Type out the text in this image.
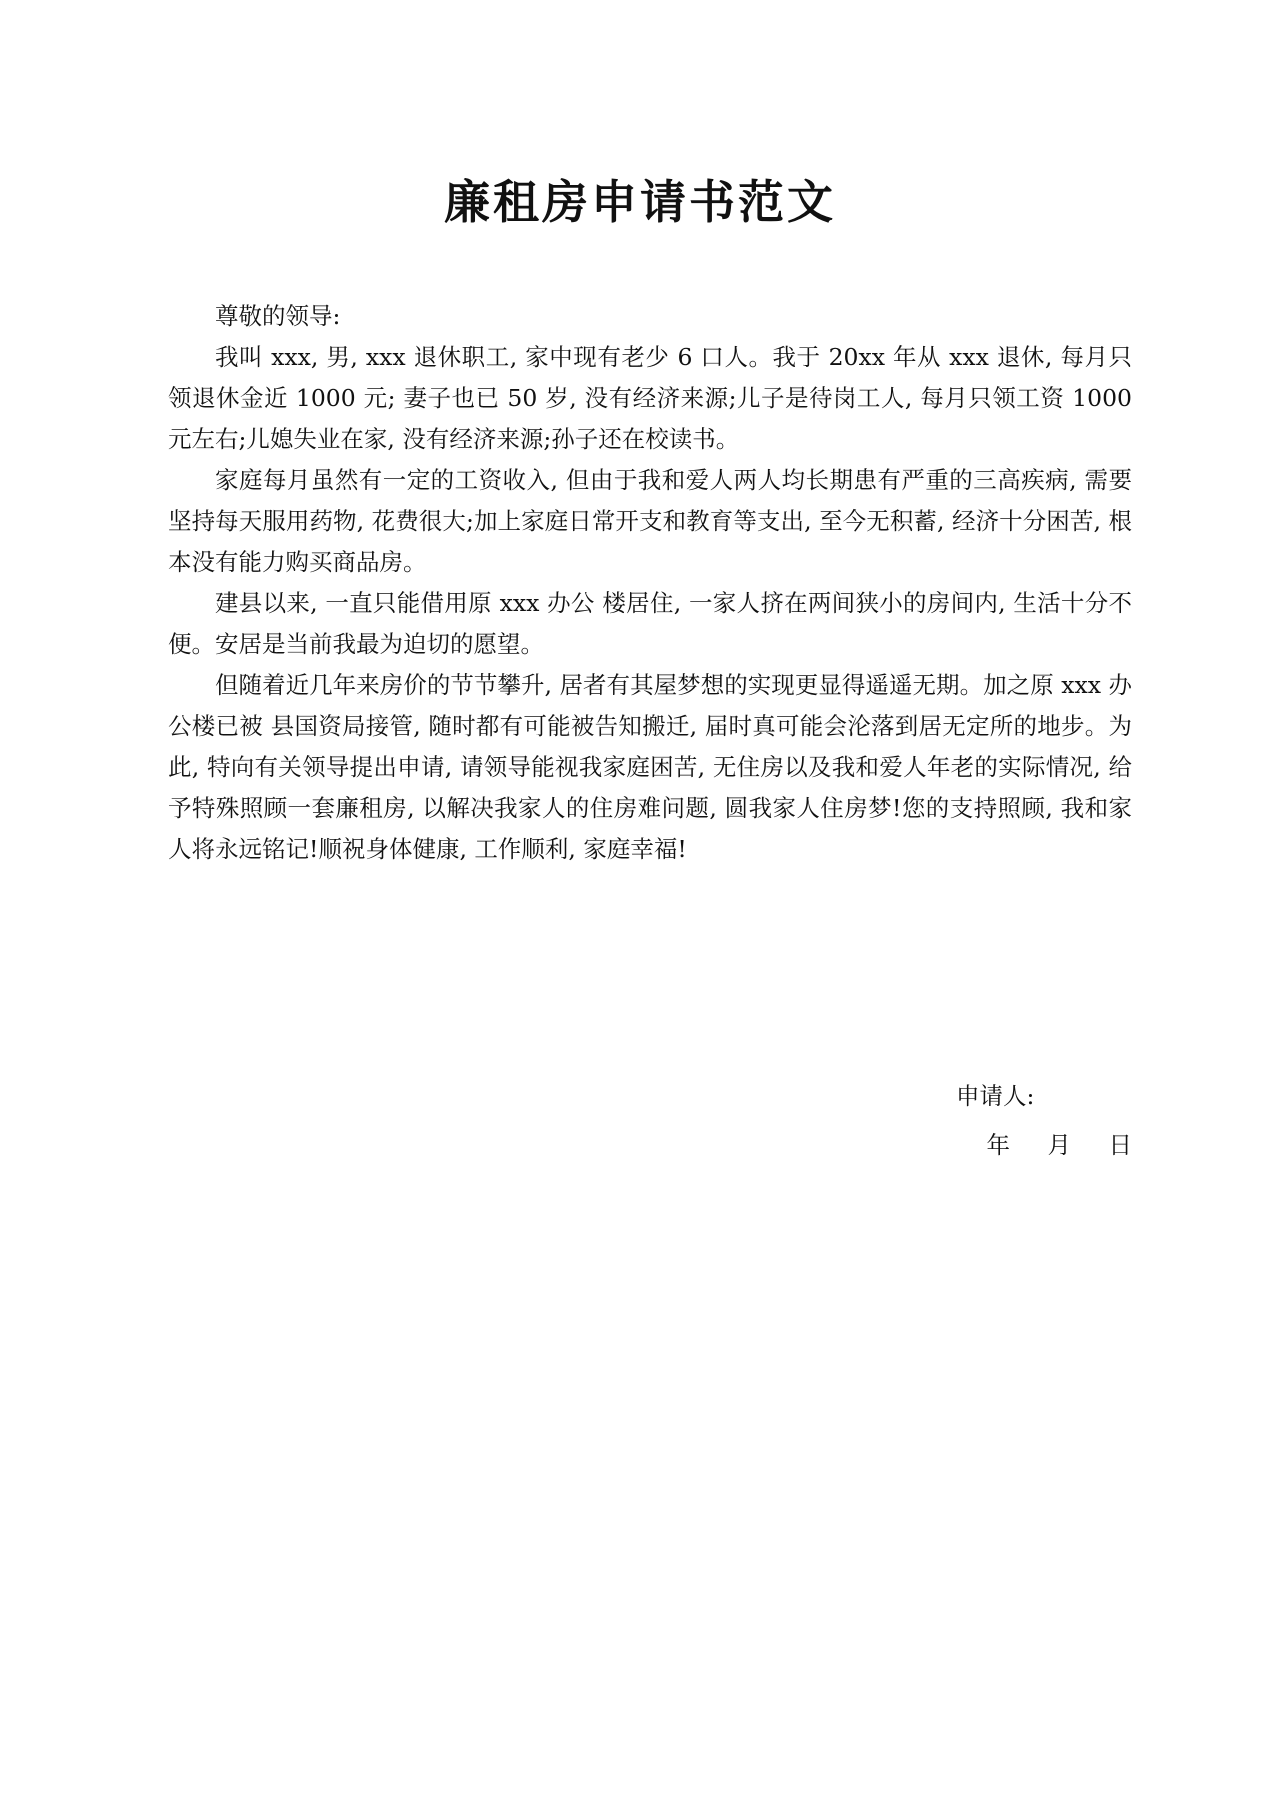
廉租房申请书范文

尊敬的领导:

我叫 xxx, 男, xxx 退休职工, 家中现有老少 6 口人。我于 20xx 年从 xxx 退休, 每月只领退休金近 1000 元; 妻子也已 50 岁, 没有经济来源;儿子是待岗工人, 每月只领工资 1000 元左右;儿媳失业在家, 没有经济来源;孙子还在校读书。

家庭每月虽然有一定的工资收入, 但由于我和爱人两人均长期患有严重的三高疾病, 需要坚持每天服用药物, 花费很大;加上家庭日常开支和教育等支出, 至今无积蓄, 经济十分困苦, 根本没有能力购买商品房。

建县以来, 一直只能借用原 xxx 办公 楼居住, 一家人挤在两间狭小的房间内, 生活十分不便。安居是当前我最为迫切的愿望。

但随着近几年来房价的节节攀升, 居者有其屋梦想的实现更显得遥遥无期。加之原 xxx 办公楼已被 县国资局接管, 随时都有可能被告知搬迁, 届时真可能会沦落到居无定所的地步。为此, 特向有关领导提出申请, 请领导能视我家庭困苦, 无住房以及我和爱人年老的实际情况, 给予特殊照顾一套廉租房, 以解决我家人的住房难问题, 圆我家人住房梦!您的支持照顾, 我和家人将永远铭记!顺祝身体健康, 工作顺利, 家庭幸福!

申请人:
年 月 日
